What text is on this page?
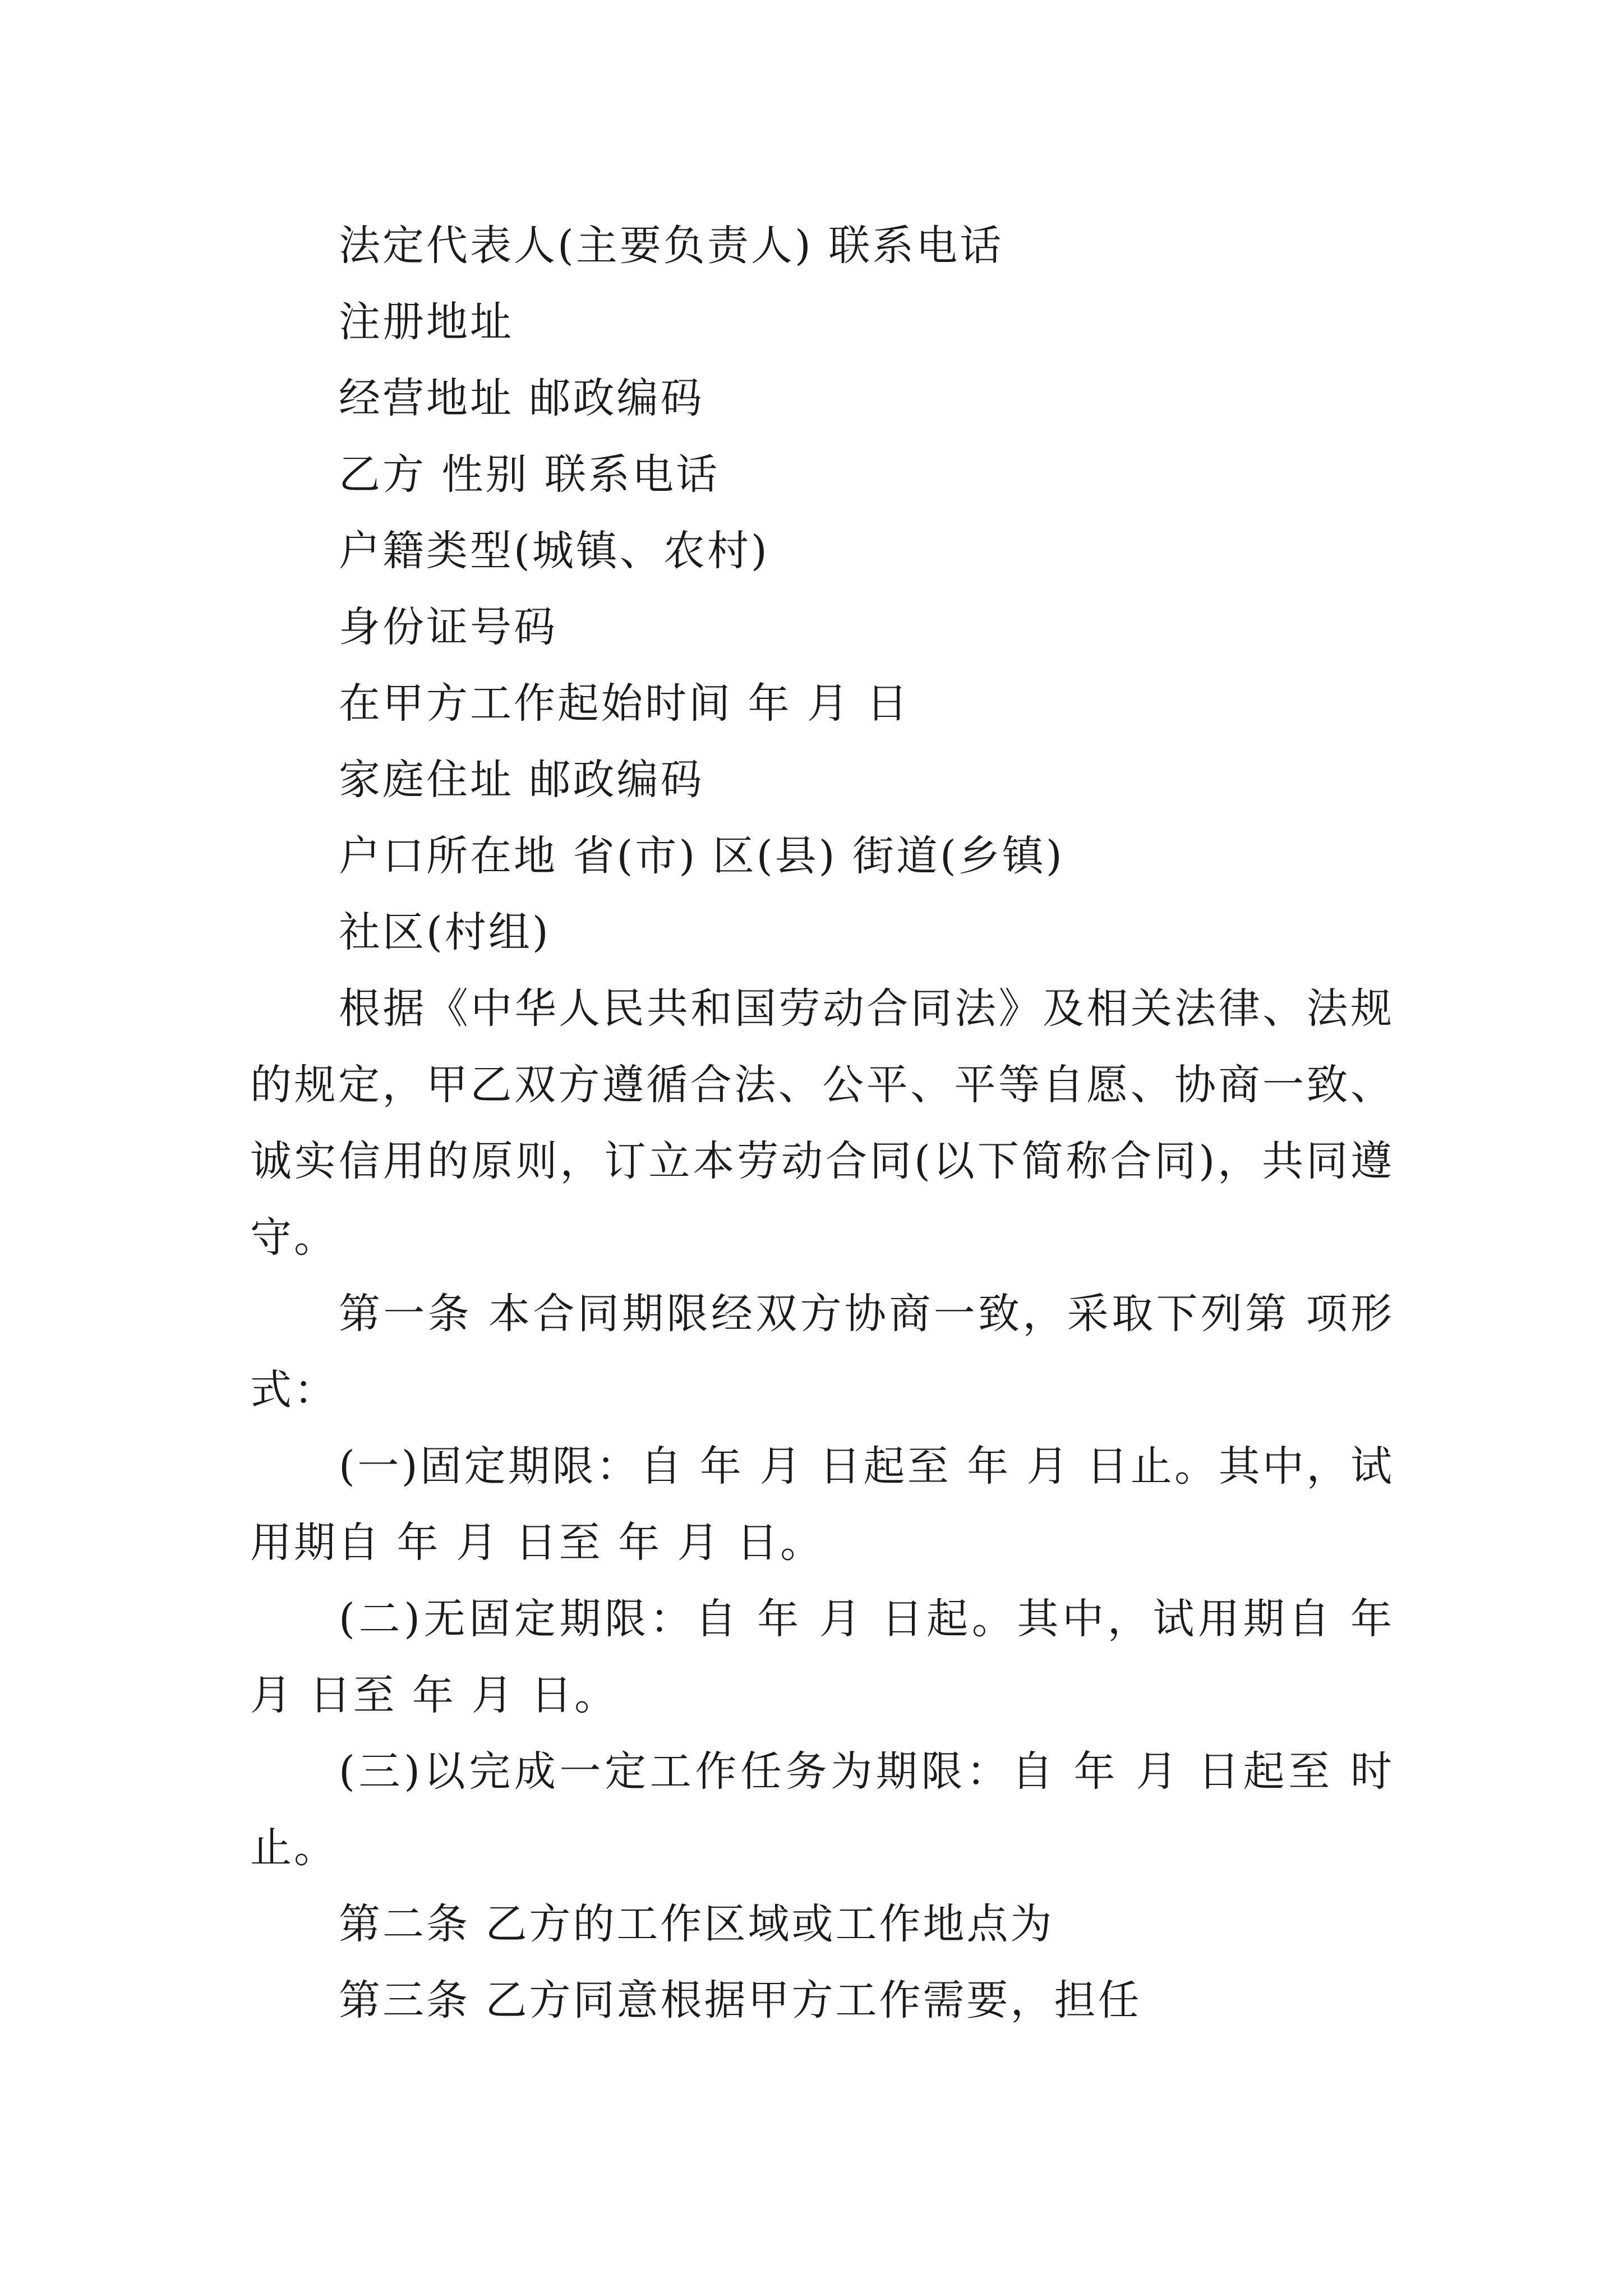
法定代表人(主要负责人) 联系电话

注册地址

经营地址 邮政编码

乙方 性别 联系电话

户籍类型(城镇、农村)

身份证号码

在甲方工作起始时间 年 月 日

家庭住址 邮政编码

户口所在地 省(市) 区(县) 街道(乡镇)

社区(村组)

根据《中华人民共和国劳动合同法》及相关法律、法规的规定，甲乙双方遵循合法、公平、平等自愿、协商一致、诚实信用的原则，订立本劳动合同(以下简称合同)，共同遵守。

第一条 本合同期限经双方协商一致，采取下列第 项形式：

(一)固定期限：自 年 月 日起至 年 月 日止。其中，试用期自 年 月 日至 年 月 日。

(二)无固定期限：自 年 月 日起。其中，试用期自 年 月 日至 年 月 日。

(三)以完成一定工作任务为期限：自 年 月 日起至 时止。

第二条 乙方的工作区域或工作地点为

第三条 乙方同意根据甲方工作需要，担任
